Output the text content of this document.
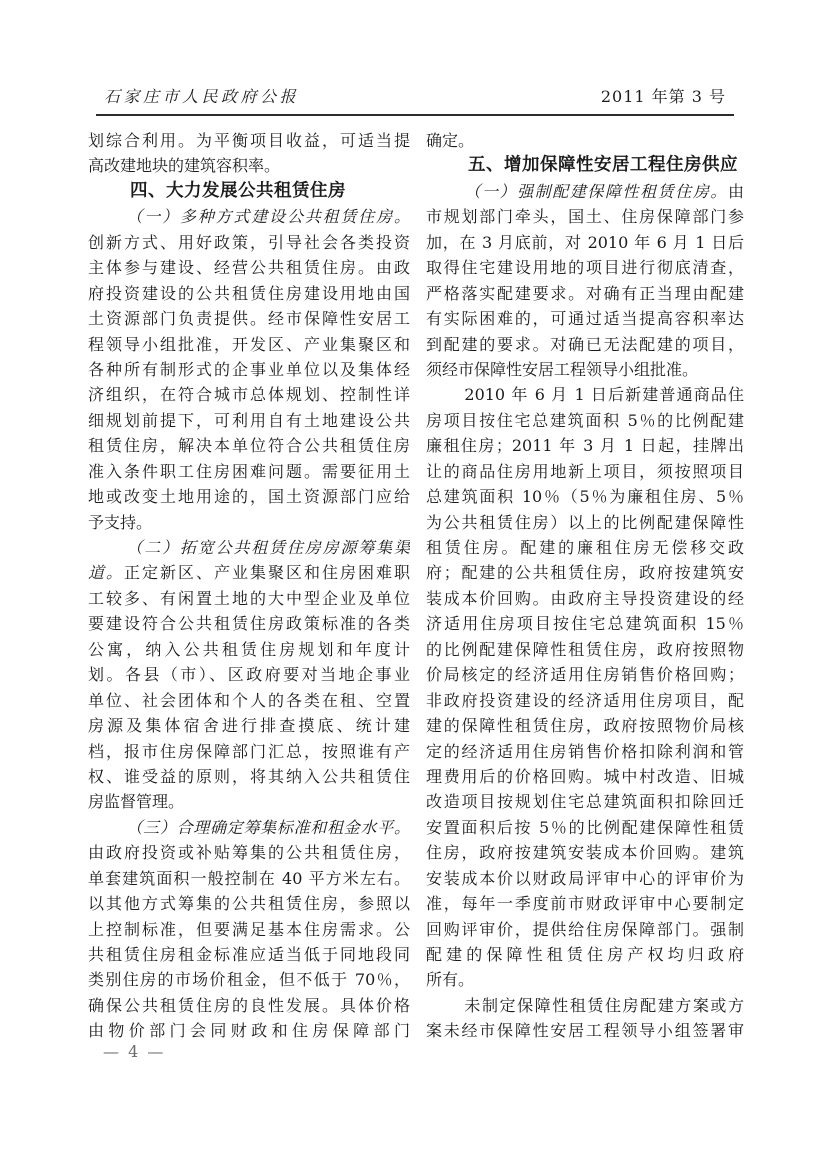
石家庄市人民政府公报	2011 年第 3 号
划综合利用。为平衡项目收益，可适当提
高改建地块的建筑容积率。
四、大力发展公共租赁住房
（一）多种方式建设公共租赁住房。
创新方式、用好政策，引导社会各类投资
主体参与建设、经营公共租赁住房。由政
府投资建设的公共租赁住房建设用地由国
土资源部门负责提供。经市保障性安居工
程领导小组批准，开发区、产业集聚区和
各种所有制形式的企事业单位以及集体经
济组织，在符合城市总体规划、控制性详
细规划前提下，可利用自有土地建设公共
租赁住房，解决本单位符合公共租赁住房
准入条件职工住房困难问题。需要征用土
地或改变土地用途的，国土资源部门应给
予支持。
（二）拓宽公共租赁住房房源筹集渠
道。正定新区、产业集聚区和住房困难职
工较多、有闲置土地的大中型企业及单位
要建设符合公共租赁住房政策标准的各类
公寓，纳入公共租赁住房规划和年度计
划。各县（市）、区政府要对当地企事业
单位、社会团体和个人的各类在租、空置
房源及集体宿舍进行排查摸底、统计建
档，报市住房保障部门汇总，按照谁有产
权、谁受益的原则，将其纳入公共租赁住
房监督管理。
（三）合理确定筹集标准和租金水平。
由政府投资或补贴筹集的公共租赁住房，
单套建筑面积一般控制在 40 平方米左右。
以其他方式筹集的公共租赁住房，参照以
上控制标准，但要满足基本住房需求。公
共租赁住房租金标准应适当低于同地段同
类别住房的市场价租金，但不低于 70％，
确保公共租赁住房的良性发展。具体价格
由物价部门会同财政和住房保障部门
确定。
五、增加保障性安居工程住房供应
（一）强制配建保障性租赁住房。由
市规划部门牵头，国土、住房保障部门参
加，在 3 月底前，对 2010 年 6 月 1 日后
取得住宅建设用地的项目进行彻底清查，
严格落实配建要求。对确有正当理由配建
有实际困难的，可通过适当提高容积率达
到配建的要求。对确已无法配建的项目，
须经市保障性安居工程领导小组批准。
2010 年 6 月 1 日后新建普通商品住
房项目按住宅总建筑面积 5％的比例配建
廉租住房；2011 年 3 月 1 日起，挂牌出
让的商品住房用地新上项目，须按照项目
总建筑面积 10％（5％为廉租住房、5％
为公共租赁住房）以上的比例配建保障性
租赁住房。配建的廉租住房无偿移交政
府；配建的公共租赁住房，政府按建筑安
装成本价回购。由政府主导投资建设的经
济适用住房项目按住宅总建筑面积 15％
的比例配建保障性租赁住房，政府按照物
价局核定的经济适用住房销售价格回购；
非政府投资建设的经济适用住房项目，配
建的保障性租赁住房，政府按照物价局核
定的经济适用住房销售价格扣除利润和管
理费用后的价格回购。城中村改造、旧城
改造项目按规划住宅总建筑面积扣除回迁
安置面积后按 5％的比例配建保障性租赁
住房，政府按建筑安装成本价回购。建筑
安装成本价以财政局评审中心的评审价为
准，每年一季度前市财政评审中心要制定
回购评审价，提供给住房保障部门。强制
配建的保障性租赁住房产权均归政府
所有。
未制定保障性租赁住房配建方案或方
案未经市保障性安居工程领导小组签署审
— 4 —
